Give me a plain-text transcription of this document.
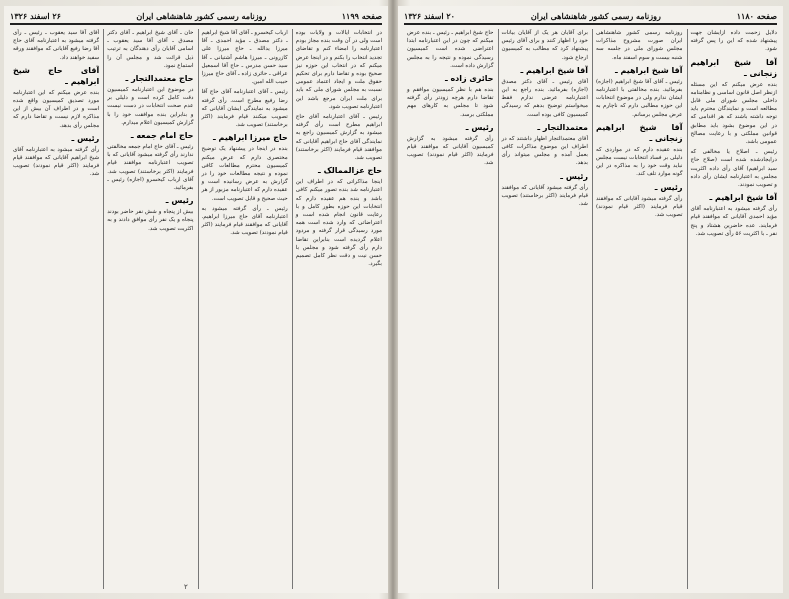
صفحه ۱۱۹۹
روزنامه رسمی کشور شاهنشاهی ایران
۲۶ اسفند ۱۳۲۶

در انتخابات ایالات و ولایات بوده است ولی در آن وقت بنده مجاز بودم اعتبارنامه را امضاء کنم و تقاضای تجدید انتخاب را بکنم و در اینجا عرض میکنم که در انتخاب این حوزه نیز صحیح بوده و تقاضا دارم برای تحکیم حقوق ملت و ایجاد اعتماد عمومی نسبت به مجلس شورای ملی که باید برای ملت ایران مرجع باشد این اعتبارنامه تصویب شود.

رئیس ـ آقای اعتبارنامه آقای حاج ابراهیم مطرح است رأی گرفته میشود به گزارش کمیسیون راجع به نمایندگی آقای حاج ابراهیم آقایانی که موافقند قیام فرمایند (اکثر برخاستند) تصویب شد.

حاج عزالممالک ـ

اینجا مذاکراتی که در اطراف این اعتبارنامه شد بنده تصور میکنم کافی باشد و بنده هم عقیده دارم که انتخابات این حوزه بطور کامل و با رعایت قانون انجام شده است و اعتراضاتی که وارد شده است همه مورد رسیدگی قرار گرفته و مردود اعلام گردیده است بنابراین تقاضا دارم رأی گرفته شود و مجلس با حسن نیت و دقت نظر کامل تصمیم بگیرد.

ارباب کیخسرو ـ آقای آقا شیخ ابراهیم ـ دکتر مصدق ـ مؤید احمدی ـ آقا میرزا یدالله ـ حاج میرزا علی کازرونی ـ میرزا هاشم آشتیانی ـ آقا سید حسن مدرس ـ حاج آقا اسمعیل عراقی ـ حائری زاده ـ آقای حاج میرزا حبیب الله امین.

رئیس ـ آقای اعتبارنامه آقای حاج آقا رضا رفیع مطرح است. رأی گرفته میشود به نمایندگی ایشان آقایانی که تصویب میکنند قیام فرمایند (اکثر برخاستند) تصویب شد.

حاج میرزا ابراهیم ـ

بنده در اینجا در پیشنهاد یک توضیح مختصری دارم که عرض میکنم کمیسیون محترم مطالعات کافی نموده و نتیجه مطالعات خود را در گزارش به عرض رسانیده است و عقیده دارم که اعتبارنامه مزبور از هر حیث صحیح و قابل تصویب است.

رئیس ـ رأی گرفته میشود به اعتبارنامه آقای حاج میرزا ابراهیم. آقایانی که موافقند قیام فرمایند (اکثر قیام نمودند) تصویب شد.

خان ـ آقای شیخ ابراهیم ـ آقای دکتر مصدق ـ آقای آقا سید یعقوب ـ اسامی آقایان رأی دهندگان به ترتیب ذیل قرائت شد و مجلس آن را استماع نمود.

حاج معتمدالتجار ـ

در موضوع این اعتبارنامه کمیسیون دقت کامل کرده است و دلیلی بر عدم صحت انتخابات در دست نیست و بنابراین بنده موافقت خود را با گزارش کمیسیون اعلام میدارم.

حاج امام جمعه ـ

رئیس ـ آقای حاج امام جمعه مخالفتی ندارند رأی گرفته میشود آقایانی که با تصویب اعتبارنامه موافقند قیام فرمایند (اکثر برخاستند) تصویب شد. آقای ارباب کیخسرو (اجازه) رئیس ـ بفرمائید.

رئیس ـ

بیش از پنجاه و شش نفر حاضر بودند پنجاه و یک نفر رأی موافق دادند و به اکثریت تصویب شد.

آقای آقا سید یعقوب ـ رئیس ـ رأی گرفته میشود به اعتبارنامه آقای حاج آقا رضا رفیع آقایانی که موافقند ورقه سفید خواهند داد.

آقای حاج شیخ ابراهیم ـ

بنده عرض میکنم که این اعتبارنامه مورد تصدیق کمیسیون واقع شده است و در اطراف آن بیش از این مذاکره لازم نیست و تقاضا دارم که مجلس رأی بدهد.

رئیس ـ

رأی گرفته میشود به اعتبارنامه آقای شیخ ابراهیم آقایانی که موافقند قیام فرمایند (اکثر قیام نمودند) تصویب شد.

۲
صفحه ۱۱۸۰
روزنامه رسمی کشور شاهنشاهی ایران
۲۰ اسفند ۱۳۲۶

دلایل زحمت داده ازایشان جهت پیشنهاد شده که این را پس گرفته شود.

آقا شیخ ابراهیم زنجانی ـ

بنده عرض میکنم که این مسئله ازنظر اصل قانون اساسی و نظامنامه داخلی مجلس شورای ملی قابل مطالعه است و نمایندگان محترم باید توجه داشته باشند که هر اقدامی که در این موضوع بشود باید مطابق قوانین مملکتی و با رعایت مصالح عمومی باشد.

رئیس ـ اصلاح یا مخالفی که درایجادشده شده است (صلاح حاج سید ابراهیم) آقای رأی داده اکثریت مجلس به اعتبارنامه ایشان رأی داده و تصویب نمودند.

آقا شیخ ابراهیم ـ

رأی گرفته میشود به اعتبارنامه آقای مؤید احمدی آقایانی که موافقند قیام فرمایند. عده حاضرین هشتاد و پنج نفر ـ با اکثریت ۵۶ رأی تصویب شد.

روزنامه رسمی کشور شاهنشاهی ایران صورت مشروح مذاکرات مجلس شورای ملی در جلسه سه شنبه بیست و سوم اسفند ماه.

آقا شیخ ابراهیم ـ

رئیس ـ آقای آقا شیخ ابراهیم (اجازه) بفرمائید. بنده مخالفتی با اعتبارنامه ایشان ندارم ولی در موضوع انتخابات این حوزه مطالبی دارم که ناچارم به عرض مجلس برسانم.

آقا شیخ ابراهیم زنجانی ـ

بنده عقیده دارم که در مواردی که دلیلی بر فساد انتخابات نیست مجلس نباید وقت خود را به مذاکره در این گونه موارد تلف کند.

رئیس ـ

رأی گرفته میشود آقایانی که موافقند قیام فرمایند (اکثر قیام نمودند) تصویب شد.

برای آقایان هر یک از آقایان بیانات خود را اظهار کنند و برای آقای رئیس پیشنهاد کرد که مطالب به کمیسیون ارجاع شود.

آقا شیخ ابراهیم ـ

آقای رئیس ـ آقای دکتر مصدق (اجازه) بفرمائید. بنده راجع به این اعتبارنامه عرضی ندارم فقط میخواستم توضیح بدهم که رسیدگی کمیسیون کافی بوده است.

معتمدالتجار ـ

آقای معتمدالتجار اظهار داشتند که در اطراف این موضوع مذاکرات کافی بعمل آمده و مجلس میتواند رأی بدهد.

رئیس ـ

رأی گرفته میشود آقایانی که موافقند قیام فرمایند (اکثر برخاستند) تصویب شد.

حاج شیخ ابراهیم ـ رئیس ـ بنده عرض میکنم که چون در این اعتبارنامه ابتدا اعتراضی شده است کمیسیون رسیدگی نموده و نتیجه را به مجلس گزارش داده است.

حائری زاده ـ

بنده هم با نظر کمیسیون موافقم و تقاضا دارم هرچه زودتر رأی گرفته شود تا مجلس به کارهای مهم مملکتی برسد.

رئیس ـ

رأی گرفته میشود به گزارش کمیسیون آقایانی که موافقند قیام فرمایند (اکثر قیام نمودند) تصویب شد.
